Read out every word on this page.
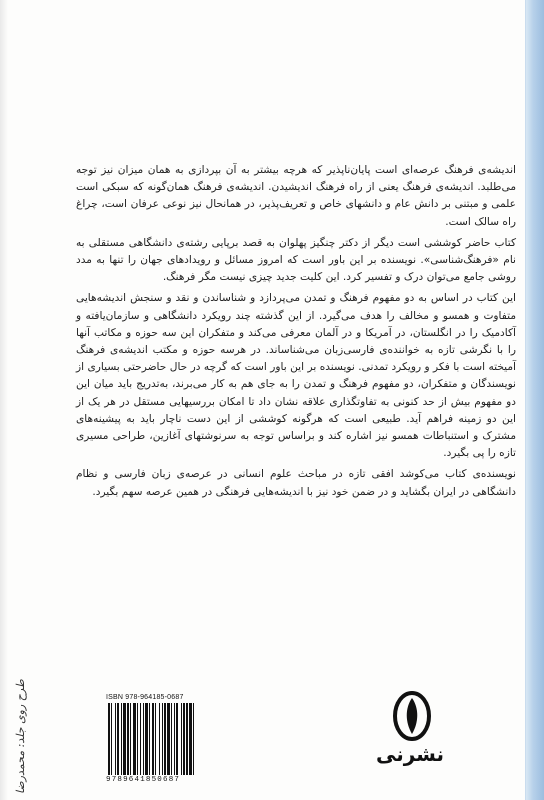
اندیشه‌ی فرهنگ عرصه‌ای است پایان‌ناپذیر که هرچه بیشتر به آن بپردازی به همان میزان نیز توجه می‌طلبد. اندیشه‌ی فرهنگ یعنی از راه فرهنگ اندیشیدن. اندیشه‌ی فرهنگ همان‌گونه که سبکی است علمی و مبتنی بر دانش عام و دانشهای خاص و تعریف‌پذیر، در همانحال نیز نوعی عرفان است، چراغ راه سالک است.

کتاب حاضر کوششی است دیگر از دکتر چنگیز پهلوان به قصد برپایی رشته‌ی دانشگاهی مستقلی به نام «فرهنگ‌شناسی». نویسنده بر این باور است که امروز مسائل و رویدادهای جهان را تنها به مدد روشی جامع می‌توان درک و تفسیر کرد. این کلیت جدید چیزی نیست مگر فرهنگ.

این کتاب در اساس به دو مفهوم فرهنگ و تمدن می‌پردازد و شناساندن و نقد و سنجش اندیشه‌هایی متفاوت و همسو و مخالف را هدف می‌گیرد. از این گذشته چند رویکرد دانشگاهی و سازمان‌یافته و آکادمیک را در انگلستان، در آمریکا و در آلمان معرفی می‌کند و متفکران این سه حوزه و مکاتب آنها را با نگرشی تازه به خواننده‌ی فارسی‌زبان می‌شناساند. در هرسه حوزه و مکتب اندیشه‌ی فرهنگ آمیخته است با فکر و رویکرد تمدنی. نویسنده بر این باور است که گرچه در حال حاضرحتی بسیاری از نویسندگان و متفکران، دو مفهوم فرهنگ و تمدن را به جای هم به کار می‌برند، به‌تدریج باید میان این دو مفهوم بیش از حد کنونی به تفاوتگذاری علاقه نشان داد تا امکان بررسیهایی مستقل در هر یک از این دو زمینه فراهم آید. طبیعی است که هرگونه کوششی از این دست ناچار باید به پیشینه‌های مشترک و استنباطات همسو نیز اشاره کند و براساس توجه به سرنوشتهای آغازین، طراحی مسیری تازه را پی بگیرد.

نویسنده‌ی کتاب می‌کوشد افقی تازه در مباحث علوم انسانی در عرصه‌ی زبان فارسی و نظام دانشگاهی در ایران بگشاید و در ضمن خود نیز با اندیشه‌هایی فرهنگی در همین عرصه سهم بگیرد.

طرح روی جلد: محمدرضا	ISBN 978-964185-0687
9789641850687
نشرنی
